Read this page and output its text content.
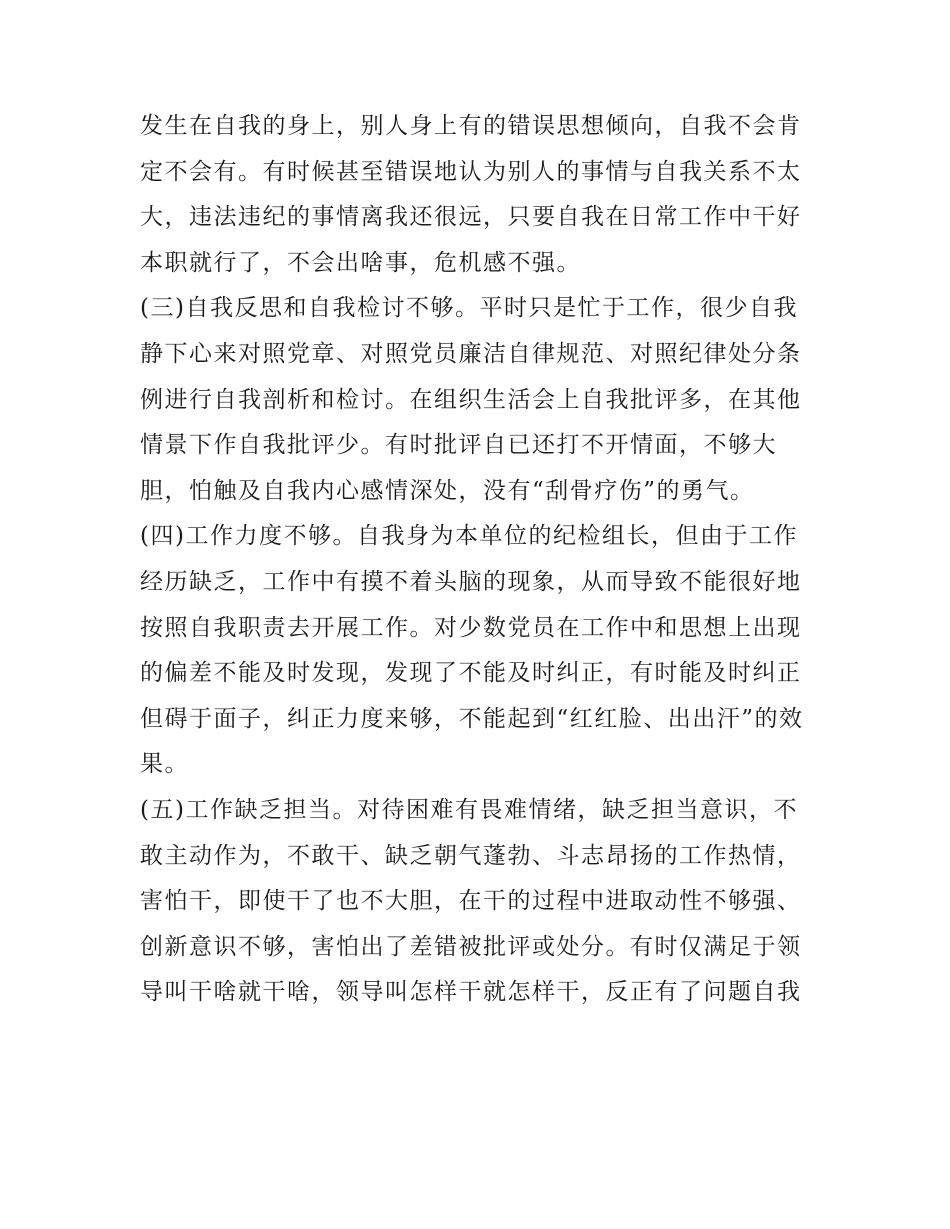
发生在自我的身上，别人身上有的错误思想倾向，自我不会肯
定不会有。有时候甚至错误地认为别人的事情与自我关系不太
大，违法违纪的事情离我还很远，只要自我在日常工作中干好
本职就行了，不会出啥事，危机感不强。
(三)自我反思和自我检讨不够。平时只是忙于工作，很少自我
静下心来对照党章、对照党员廉洁自律规范、对照纪律处分条
例进行自我剖析和检讨。在组织生活会上自我批评多，在其他
情景下作自我批评少。有时批评自已还打不开情面，不够大
胆，怕触及自我内心感情深处，没有“刮骨疗伤”的勇气。
(四)工作力度不够。自我身为本单位的纪检组长，但由于工作
经历缺乏，工作中有摸不着头脑的现象，从而导致不能很好地
按照自我职责去开展工作。对少数党员在工作中和思想上出现
的偏差不能及时发现，发现了不能及时纠正，有时能及时纠正
但碍于面子，纠正力度来够，不能起到“红红脸、出出汗”的效
果。
(五)工作缺乏担当。对待困难有畏难情绪，缺乏担当意识，不
敢主动作为，不敢干、缺乏朝气蓬勃、斗志昂扬的工作热情，
害怕干，即使干了也不大胆，在干的过程中进取动性不够强、
创新意识不够，害怕出了差错被批评或处分。有时仅满足于领
导叫干啥就干啥，领导叫怎样干就怎样干，反正有了问题自我
